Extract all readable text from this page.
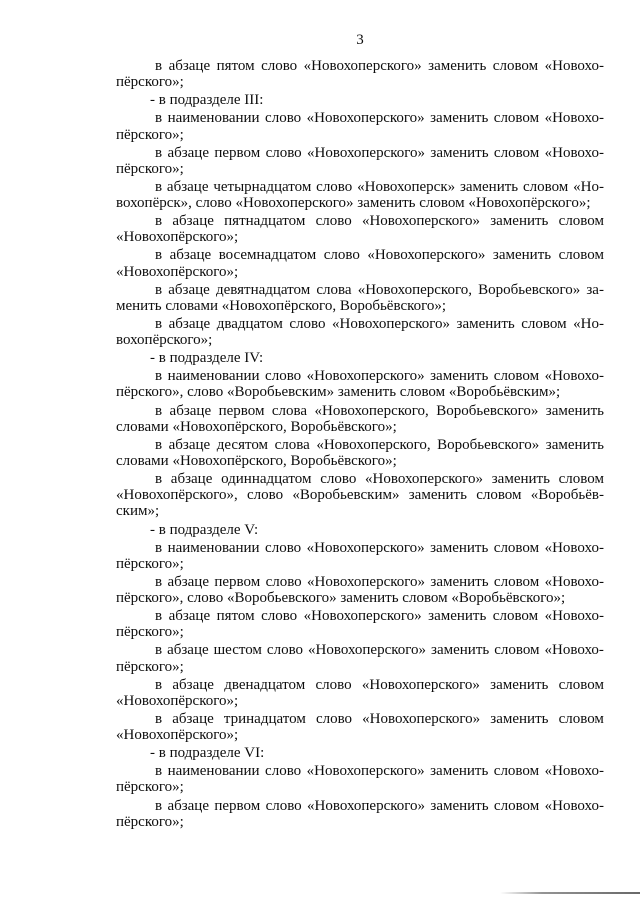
3
в абзаце пятом слово «Новохоперского» заменить словом «Новохо-
пёрского»;
- в подразделе III:
в наименовании слово «Новохоперского» заменить словом «Новохо-
пёрского»;
в абзаце первом слово «Новохоперского» заменить словом «Новохо-
пёрского»;
в абзаце четырнадцатом слово «Новохоперск» заменить словом «Но-
вохопёрск», слово «Новохоперского» заменить словом «Новохопёрского»;
в абзаце пятнадцатом слово «Новохоперского» заменить словом
«Новохопёрского»;
в абзаце восемнадцатом слово «Новохоперского» заменить словом
«Новохопёрского»;
в абзаце девятнадцатом слова «Новохоперского, Воробьевского» за-
менить словами «Новохопёрского, Воробьёвского»;
в абзаце двадцатом слово «Новохоперского» заменить словом «Но-
вохопёрского»;
- в подразделе IV:
в наименовании слово «Новохоперского» заменить словом «Новохо-
пёрского», слово «Воробьевским» заменить словом «Воробьёвским»;
в абзаце первом слова «Новохоперского, Воробьевского» заменить
словами «Новохопёрского, Воробьёвского»;
в абзаце десятом слова «Новохоперского, Воробьевского» заменить
словами «Новохопёрского, Воробьёвского»;
в абзаце одиннадцатом слово «Новохоперского» заменить словом
«Новохопёрского», слово «Воробьевским» заменить словом «Воробьёв-
ским»;
- в подразделе V:
в наименовании слово «Новохоперского» заменить словом «Новохо-
пёрского»;
в абзаце первом слово «Новохоперского» заменить словом «Новохо-
пёрского», слово «Воробьевского» заменить словом «Воробьёвского»;
в абзаце пятом слово «Новохоперского» заменить словом «Новохо-
пёрского»;
в абзаце шестом слово «Новохоперского» заменить словом «Новохо-
пёрского»;
в абзаце двенадцатом слово «Новохоперского» заменить словом
«Новохопёрского»;
в абзаце тринадцатом слово «Новохоперского» заменить словом
«Новохопёрского»;
- в подразделе VI:
в наименовании слово «Новохоперского» заменить словом «Новохо-
пёрского»;
в абзаце первом слово «Новохоперского» заменить словом «Новохо-
пёрского»;
